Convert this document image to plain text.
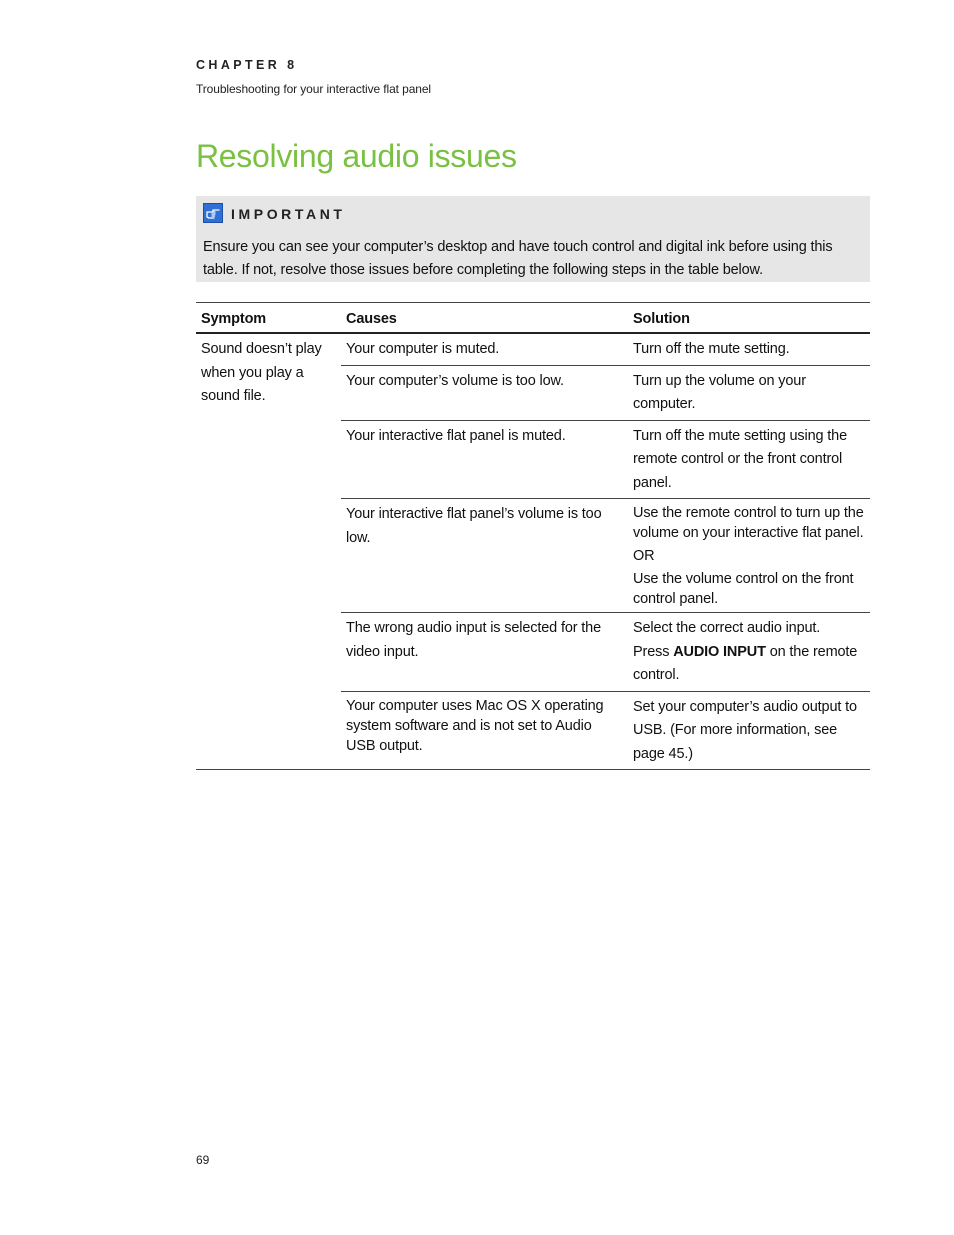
CHAPTER 8
Troubleshooting for your interactive flat panel
Resolving audio issues
IMPORTANT
Ensure you can see your computer’s desktop and have touch control and digital ink before using this table. If not, resolve those issues before completing the following steps in the table below.
Symptom	Causes	Solution
Sound doesn’t play when you play a sound file.	Your computer is muted.	Turn off the mute setting.
	Your computer’s volume is too low.	Turn up the volume on your computer.
	Your interactive flat panel is muted.	Turn off the mute setting using the remote control or the front control panel.
	Your interactive flat panel’s volume is too low.	Use the remote control to turn up the volume on your interactive flat panel.
OR
Use the volume control on the front control panel.

	The wrong audio input is selected for the video input.	Select the correct audio input.
Press AUDIO INPUT on the remote control.

	Your computer uses Mac OS X operating system software and is not set to Audio USB output.	Set your computer’s audio output to USB. (For more information, see page 45.)
69
